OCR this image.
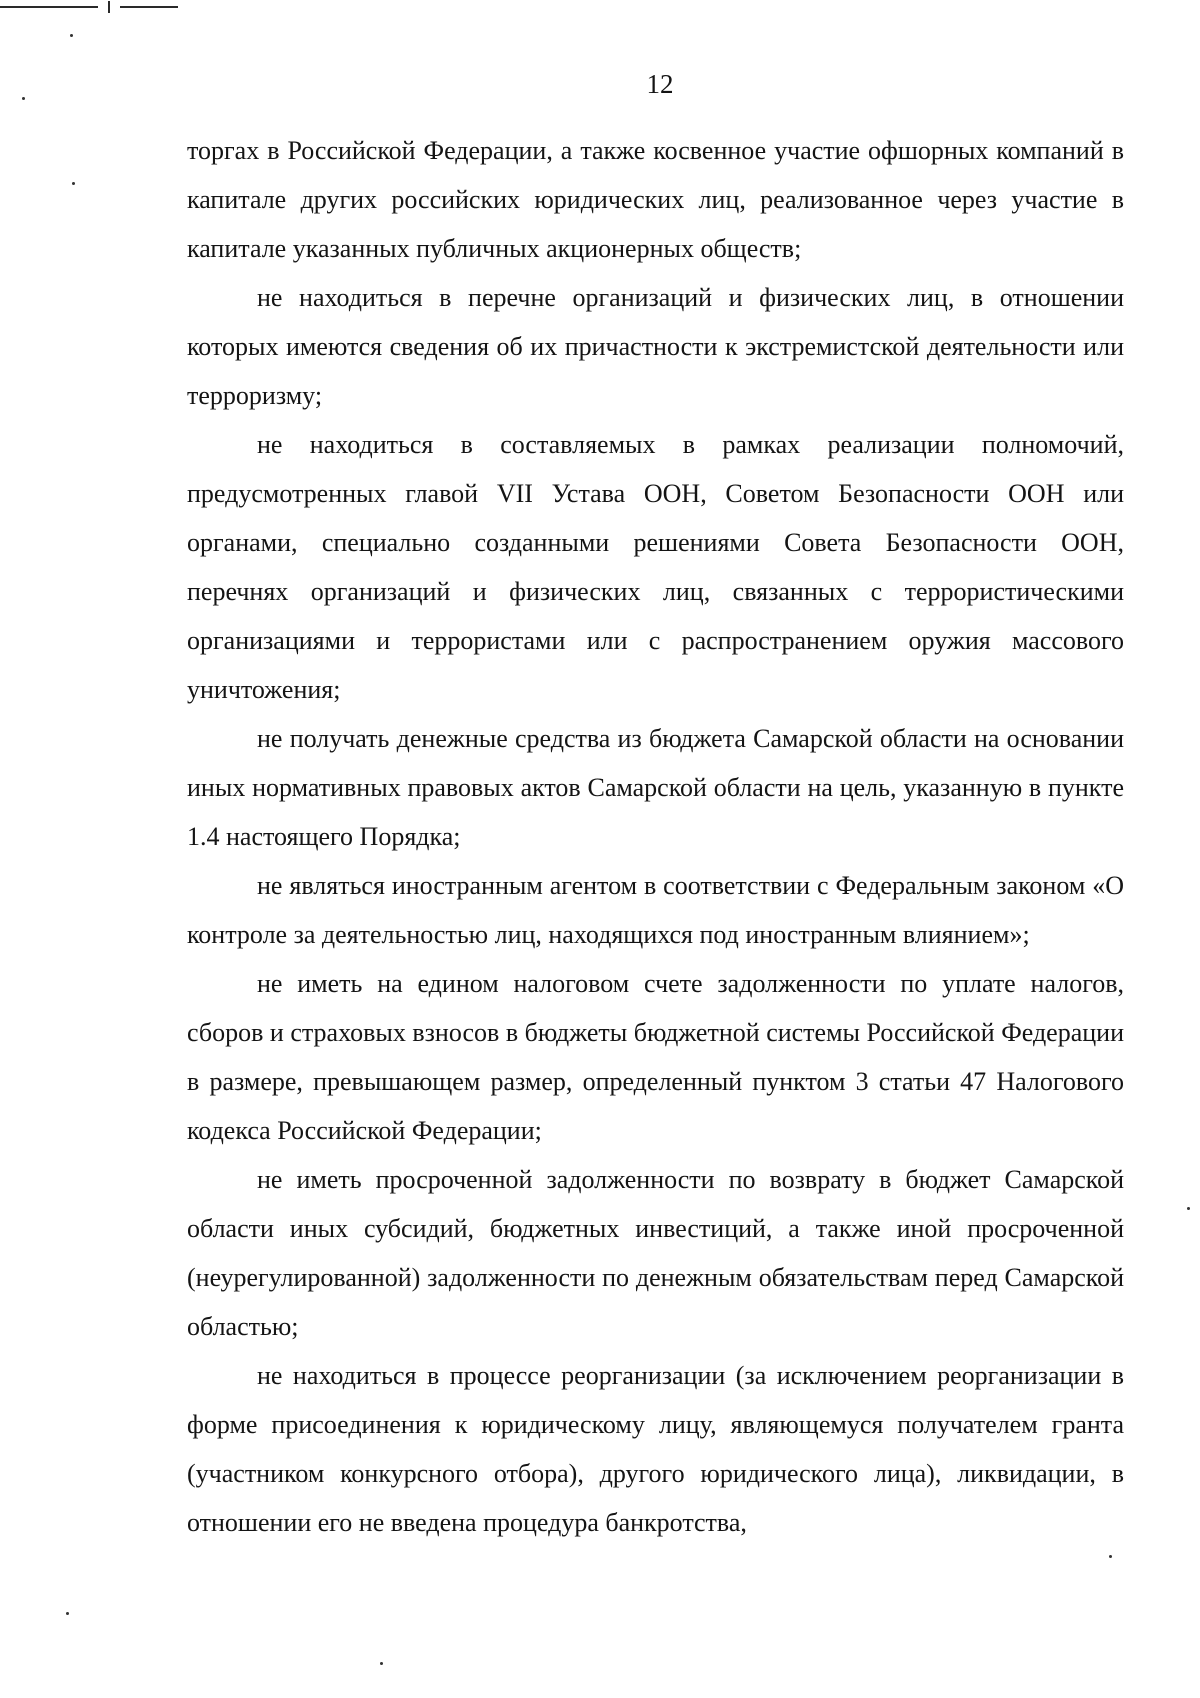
12

торгах в Российской Федерации, а также косвенное участие офшорных компаний в капитале других российских юридических лиц, реализованное через участие в капитале указанных публичных акционерных обществ;

не находиться в перечне организаций и физических лиц, в отношении которых имеются сведения об их причастности к экстремистской деятельности или терроризму;

не находиться в составляемых в рамках реализации полномочий, предусмотренных главой VII Устава ООН, Советом Безопасности ООН или органами, специально созданными решениями Совета Безопасности ООН, перечнях организаций и физических лиц, связанных с террористическими организациями и террористами или с распространением оружия массового уничтожения;

не получать денежные средства из бюджета Самарской области на основании иных нормативных правовых актов Самарской области на цель, указанную в пункте 1.4 настоящего Порядка;

не являться иностранным агентом в соответствии с Федеральным законом «О контроле за деятельностью лиц, находящихся под иностранным влиянием»;

не иметь на едином налоговом счете задолженности по уплате налогов, сборов и страховых взносов в бюджеты бюджетной системы Российской Федерации в размере, превышающем размер, определенный пунктом 3 статьи 47 Налогового кодекса Российской Федерации;

не иметь просроченной задолженности по возврату в бюджет Самарской области иных субсидий, бюджетных инвестиций, а также иной просроченной (неурегулированной) задолженности по денежным обязательствам перед Самарской областью;

не находиться в процессе реорганизации (за исключением реорганизации в форме присоединения к юридическому лицу, являющемуся получателем гранта (участником конкурсного отбора), другого юридического лица), ликвидации, в отношении его не введена процедура банкротства,
